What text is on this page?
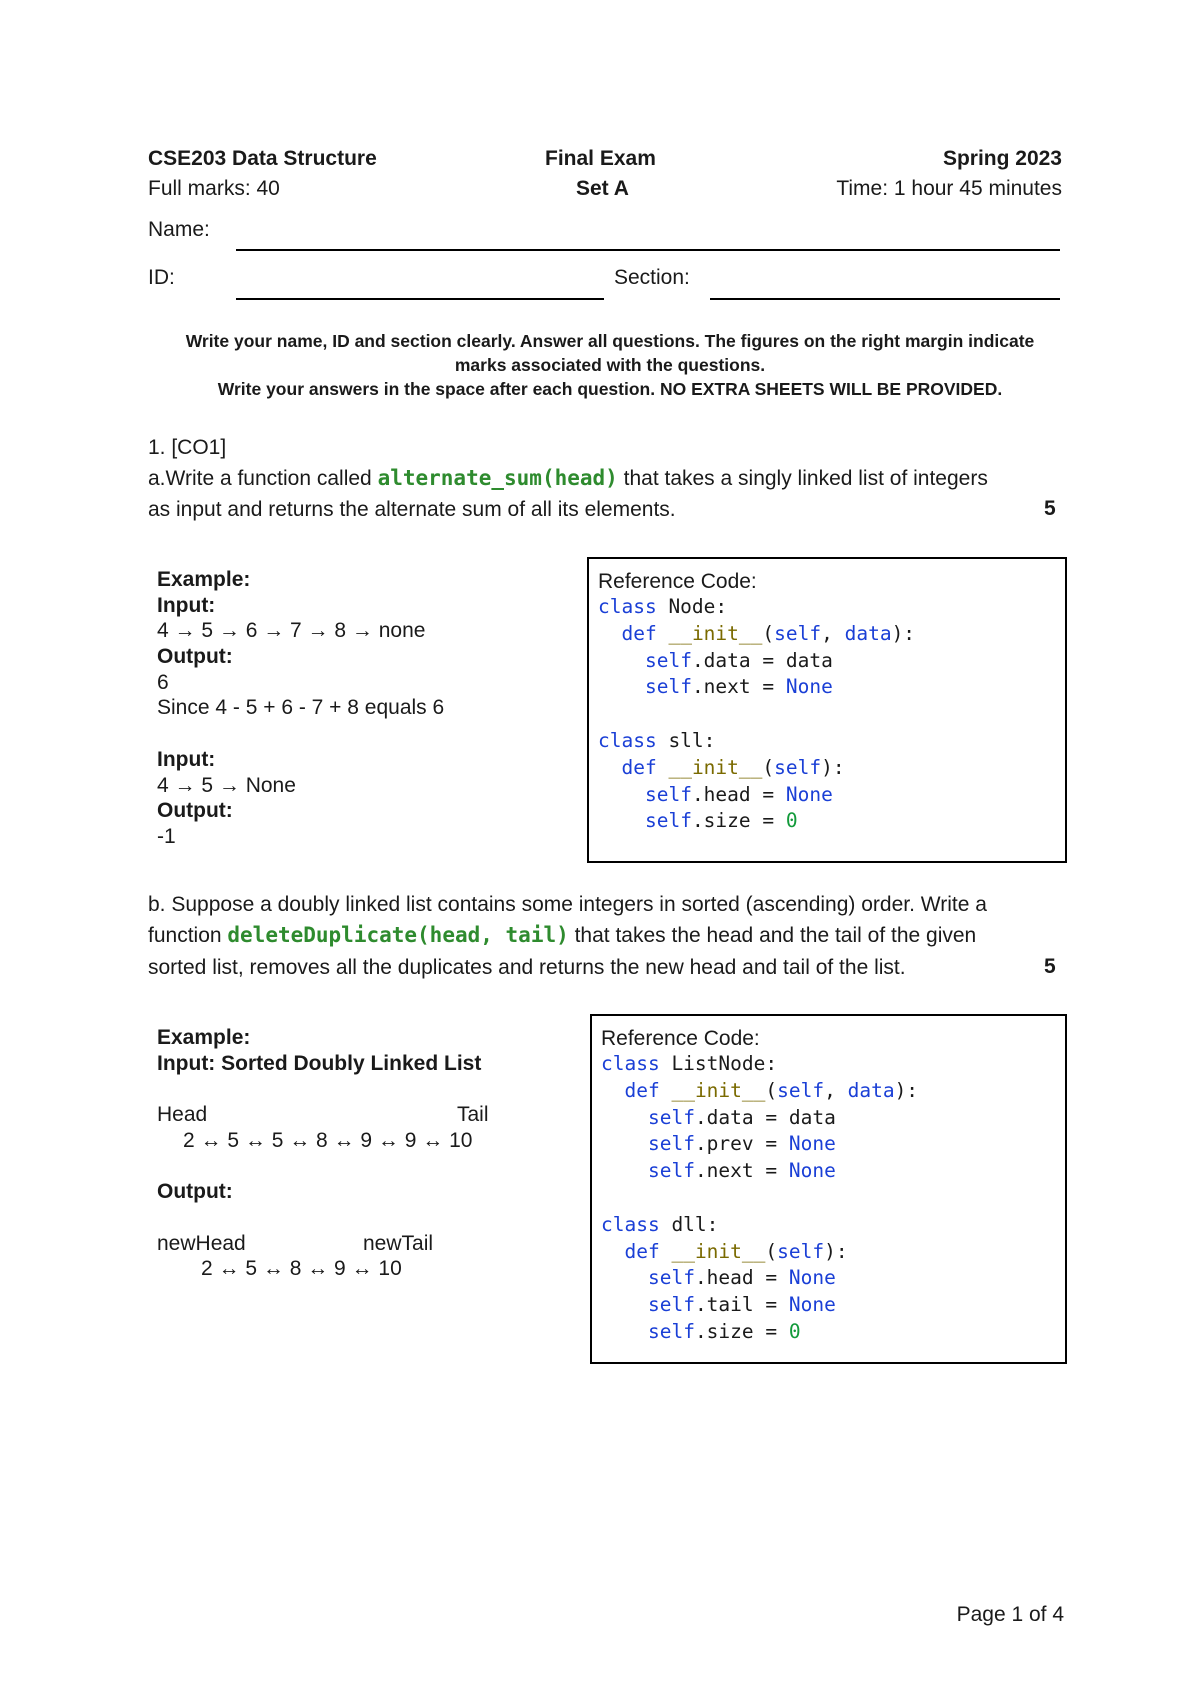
CSE203 Data Structure	Final Exam	Spring 2023
Full marks: 40	Set A	Time: 1 hour 45 minutes
Name:
ID:	Section:
Write your name, ID and section clearly. Answer all questions. The figures on the right margin indicate
marks associated with the questions.
Write your answers in the space after each question. NO EXTRA SHEETS WILL BE PROVIDED.
1. [CO1]
a.Write a function called alternate_sum(head) that takes a singly linked list of integers
as input and returns the alternate sum of all its elements.	5
Example:
Input:
4 → 5 → 6 → 7 → 8 → none
Output:
6
Since 4 - 5 + 6 - 7 + 8 equals 6
Input:
4 → 5 → None
Output:
-1
Reference Code:
class Node:
def __init__(self, data):
self.data = data
self.next = None
class sll:
def __init__(self):
self.head = None
self.size = 0
b. Suppose a doubly linked list contains some integers in sorted (ascending) order. Write a
function deleteDuplicate(head, tail) that takes the head and the tail of the given
sorted list, removes all the duplicates and returns the new head and tail of the list.	5
Example:
Input: Sorted Doubly Linked List
Head	Tail
2 ↔ 5 ↔ 5 ↔ 8 ↔ 9 ↔ 9 ↔ 10
Output:
newHead	newTail
2 ↔ 5 ↔ 8 ↔ 9 ↔ 10
Reference Code:
class ListNode:
def __init__(self, data):
self.data = data
self.prev = None
self.next = None
class dll:
def __init__(self):
self.head = None
self.tail = None
self.size = 0
Page 1 of 4
